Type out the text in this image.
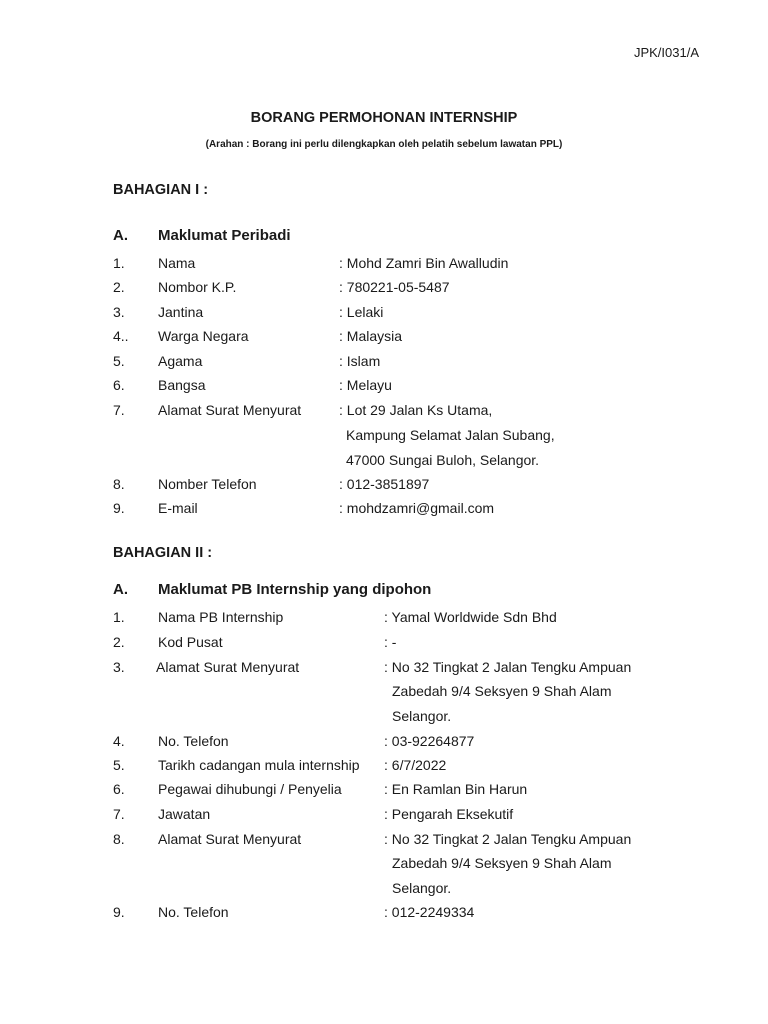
JPK/I031/A
BORANG PERMOHONAN INTERNSHIP
(Arahan : Borang ini perlu dilengkapkan oleh pelatih sebelum lawatan PPL)
BAHAGIAN I :
A. Maklumat Peribadi
1. Nama	: Mohd Zamri Bin Awalludin
2. Nombor K.P.	: 780221-05-5487
3. Jantina	: Lelaki
4.. Warga Negara	: Malaysia
5. Agama	: Islam
6. Bangsa	: Melayu
7. Alamat Surat Menyurat	: Lot 29 Jalan Ks Utama,
Kampung Selamat Jalan Subang,
47000 Sungai Buloh, Selangor.
8. Nomber Telefon	: 012-3851897
9. E-mail	: mohdzamri@gmail.com
BAHAGIAN II :
A. Maklumat PB Internship yang dipohon
1. Nama PB Internship	: Yamal Worldwide Sdn Bhd
2. Kod Pusat	: -
3. Alamat Surat Menyurat	: No 32 Tingkat 2 Jalan Tengku Ampuan
Zabedah 9/4 Seksyen 9 Shah Alam
Selangor.
4. No. Telefon	: 03-92264877
5. Tarikh cadangan mula internship : 6/7/2022
6. Pegawai dihubungi / Penyelia	: En Ramlan Bin Harun
7. Jawatan	: Pengarah Eksekutif
8. Alamat Surat Menyurat	: No 32 Tingkat 2 Jalan Tengku Ampuan
Zabedah 9/4 Seksyen 9 Shah Alam
Selangor.
9. No. Telefon	: 012-2249334
